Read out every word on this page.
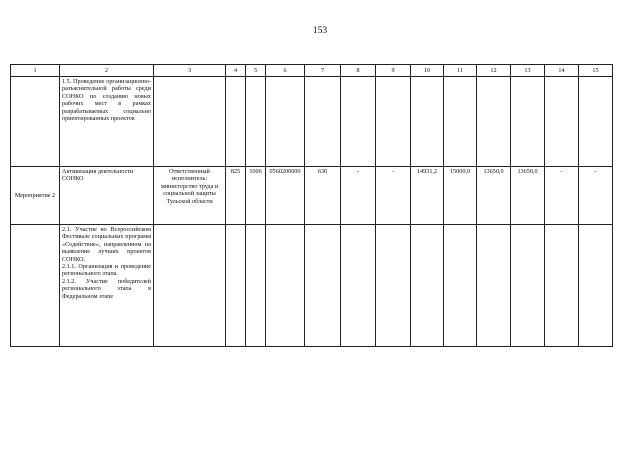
153
1	2	3	4	5	6	7	8	9	10	11	12	13	14	15
	1.5. Проведение организационно-разъяснительной работы среди СОНКО по созданию новых рабочих мест в рамках разрабатываемых социально ориентированных проектов													
Мероприятие 2	Активизация деятельности СОНКО	Ответственный исполнитель: министерство труда и социальной защиты Тульской области	825	1006	0560200000	630	-	-	14931,2	15000,0	13650,0	13650,0	-	-

	2.1. Участие во Всероссийском Фестивале социальных программ «Содействие», направленном на выявление лучших проектов СОНКО.
2.1.1. Организация и проведение регионального этапа.
2.1.2. Участие победителей регионального этапа в Федеральном этапе													
